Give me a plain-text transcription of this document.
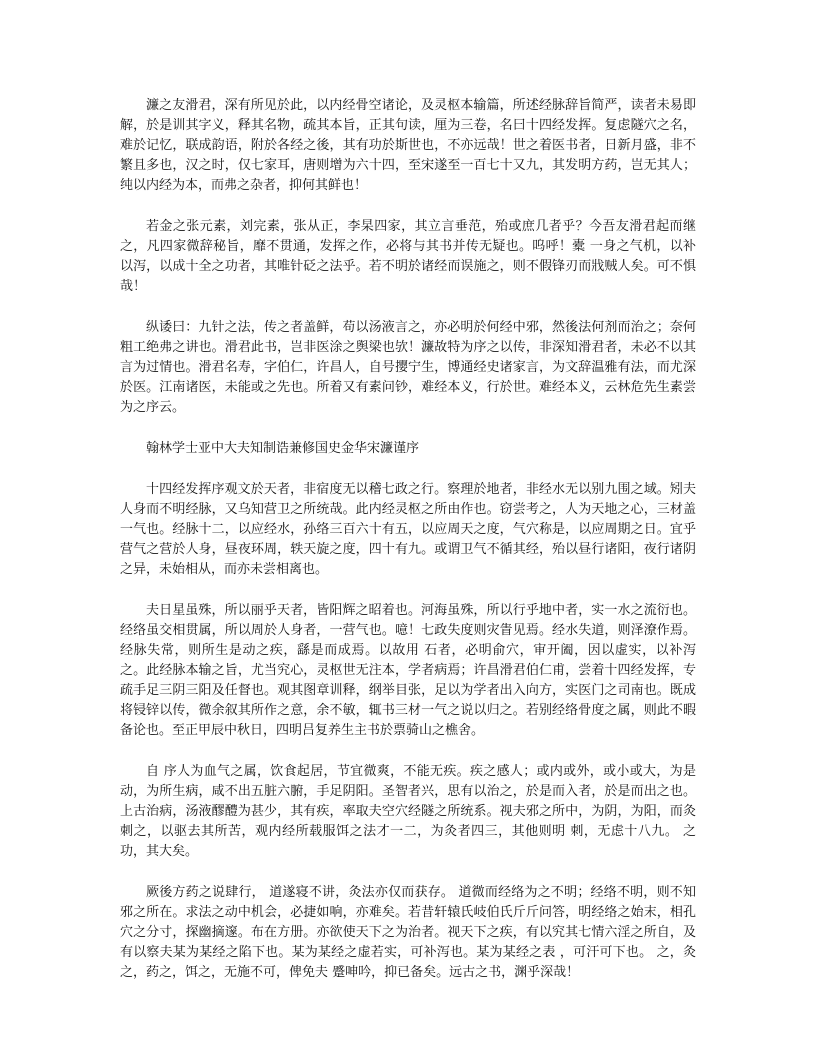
濂之友滑君，深有所见於此，以内经骨空诸论，及灵枢本输篇，所述经脉辞旨简严，读者未易即解，於是训其字义，释其名物，疏其本旨，正其句读，厘为三卷，名曰十四经发挥。复虑隧穴之名，难於记忆，联成韵语，附於各经之後，其有功於斯世也，不亦远哉！世之着医书者，日新月盛，非不繁且多也，汉之时，仅七家耳，唐则增为六十四，至宋遂至一百七十又九，其发明方药，岂无其人；纯以内经为本，而弗之杂者，抑何其鲜也！

若金之张元素，刘完素，张从正，李杲四家，其立言垂范，殆或庶几者乎？今吾友滑君起而继之，凡四家微辞秘旨，靡不贯通，发挥之作，必将与其书并传无疑也。呜呼！橐 一身之气机，以补以泻，以成十全之功者，其唯针砭之法乎。若不明於诸经而误施之，则不假锋刃而戕贼人矣。可不惧哉！

纵诿曰：九针之法，传之者盖鲜，苟以汤液言之，亦必明於何经中邪，然後法何剂而治之；奈何粗工绝弗之讲也。滑君此书，岂非医涂之舆梁也欤！濂故特为序之以传，非深知滑君者，未必不以其言为过情也。滑君名寿，字伯仁，许昌人，自号撄宁生，博通经史诸家言，为文辞温雅有法，而尤深於医。江南诸医，未能或之先也。所着又有素问钞，难经本义，行於世。难经本义，云林危先生素尝为之序云。

翰林学士亚中大夫知制诰兼修国史金华宋濂谨序

十四经发挥序观文於天者，非宿度无以稽七政之行。察理於地者，非经水无以别九围之域。矧夫人身而不明经脉，又乌知营卫之所统哉。此内经灵枢之所由作也。窃尝考之，人为天地之心，三材盖一气也。经脉十二，以应经水，孙络三百六十有五，以应周天之度，气穴称是，以应周期之日。宜乎营气之营於人身，昼夜环周，轶天旋之度，四十有九。或谓卫气不循其经，殆以昼行诸阳，夜行诸阴之异，未始相从，而亦未尝相离也。

夫日星虽殊，所以丽乎天者，皆阳辉之昭着也。河海虽殊，所以行乎地中者，实一水之流衍也。经络虽交相贯属，所以周於人身者，一营气也。噫！七政失度则灾眚见焉。经水失道，则泽潦作焉。经脉失常，则所生是动之疾，繇是而成焉。以故用 石者，必明俞穴，审开阖，因以虚实，以补泻之。此经脉本输之旨，尤当究心，灵枢世无注本，学者病焉；许昌滑君伯仁甫，尝着十四经发挥，专疏手足三阴三阳及任督也。观其图章训释，纲举目张，足以为学者出入向方，实医门之司南也。既成将锓锌以传，微余叙其所作之意，余不敏，辄书三材一气之说以归之。若别经络骨度之属，则此不暇备论也。至正甲辰中秋日，四明吕复养生主书於票骑山之樵舍。

自 序人为血气之属，饮食起居，节宜微爽，不能无疾。疾之感人；或内或外，或小或大，为是动，为所生病，咸不出五脏六腑，手足阴阳。圣智者兴，思有以治之，於是而入者，於是而出之也。上古治病，汤液醪醴为甚少，其有疾，率取夫空穴经隧之所统系。视夫邪之所中，为阴，为阳，而灸刺之，以驱去其所苦，观内经所载服饵之法才一二，为灸者四三，其他则明 刺，无虑十八九。 之功，其大矣。

厥後方药之说肆行， 道遂寝不讲，灸法亦仅而获存。 道微而经络为之不明；经络不明，则不知邪之所在。求法之动中机会，必捷如响，亦难矣。若昔轩辕氏岐伯氏斤斤问答，明经络之始末，相孔穴之分寸，探幽摘邃。布在方册。亦欲使天下之为治者。视天下之疾，有以究其七情六淫之所自，及有以察夫某为某经之陷下也。某为某经之虚若实，可补泻也。某为某经之表 ，可汗可下也。 之，灸之，药之，饵之，无施不可，俾免夫 蹙呻吟，抑已备矣。远古之书，渊乎深哉！
